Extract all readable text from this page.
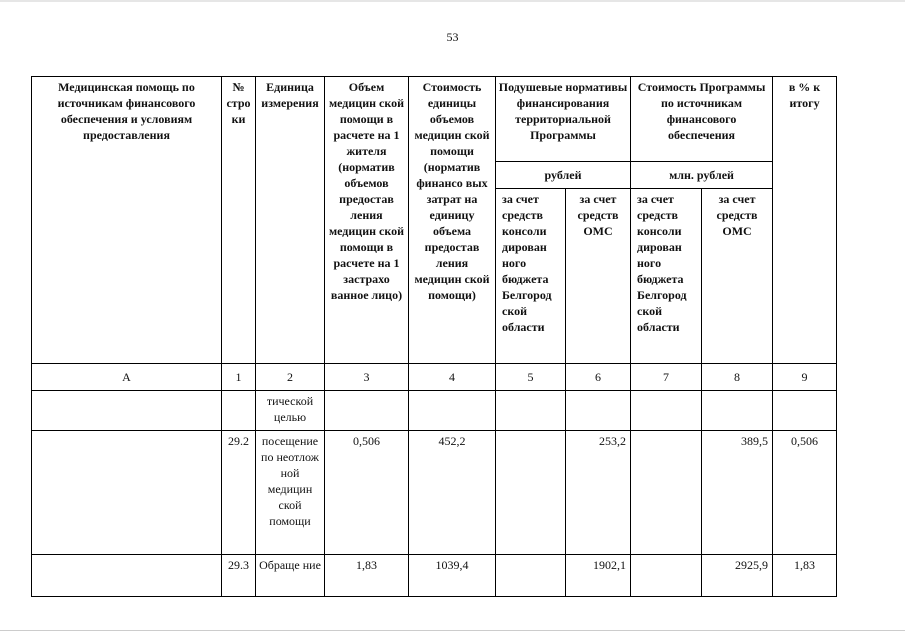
53
Медицинская помощь по источникам финансового обеспечения и условиям предоставления	№ стро ки	Единица измерения	Объем медицин ской помощи в расчете на 1 жителя (норматив объемов предостав ления медицин ской помощи в расчете на 1 застрахо ванное лицо)	Стоимость единицы объемов медицин ской помощи (норматив финансо вых затрат на единицу объема предостав ления медицин ской помощи)	Подушевые нормативы финансирования территориальной Программы		Стоимость Программы по источникам финансового обеспечения		в % к итогу
					рублей		млн. рублей		
					за счет средств консоли дирован ного бюджета Белгород ской области	за счет средств ОМС	за счет средств консоли дирован ного бюджета Белгород ской области	за счет средств ОМС	
А	1	2	3	4	5	6	7	8	9
		тической целью							
	29.2	посещение по неотлож ной медицин ской помощи	0,506	452,2		253,2		389,5	0,506
	29.3	Обраще ние	1,83	1039,4		1902,1		2925,9	1,83
